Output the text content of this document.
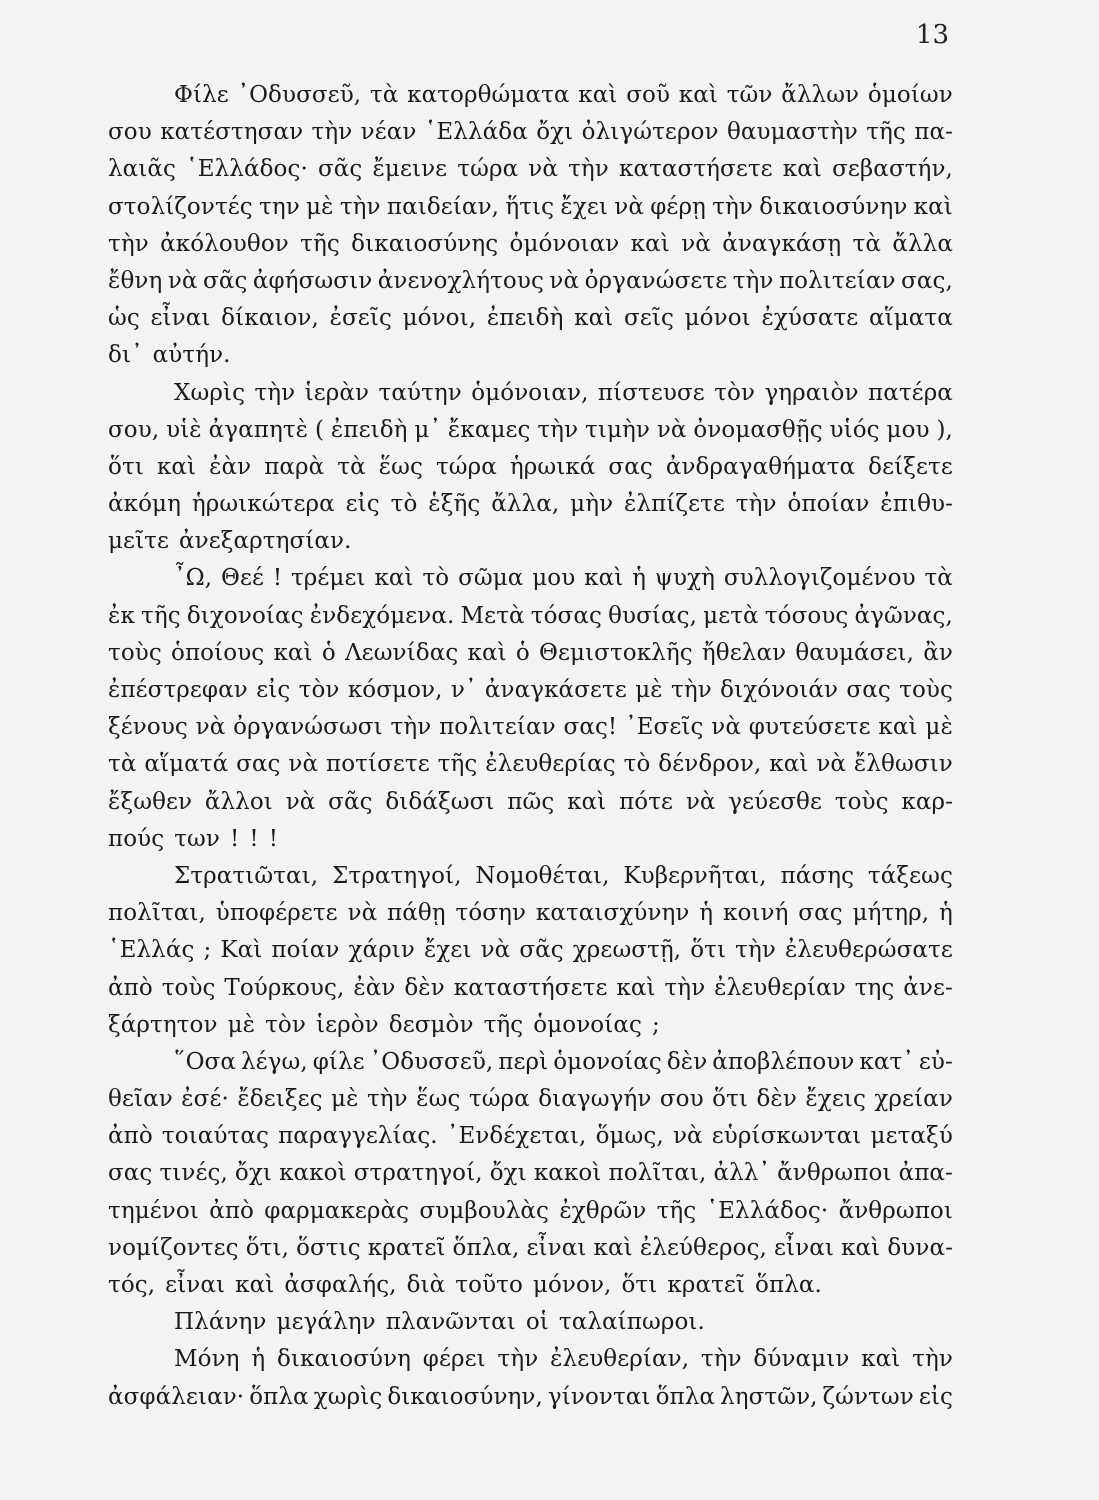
13
Φίλε ᾿Οδυσσεῦ, τὰ κατορθώματα καὶ σοῦ καὶ τῶν ἄλλων ὁμοίων
σου κατέστησαν τὴν νέαν ῾Ελλάδα ὄχι ὀλιγώτερον θαυμαστὴν τῆς πα-
λαιᾶς ῾Ελλάδος· σᾶς ἔμεινε τώρα νὰ τὴν καταστήσετε καὶ σεβαστήν,
στολίζοντές την μὲ τὴν παιδείαν, ἥτις ἔχει νὰ φέρῃ τὴν δικαιοσύνην καὶ
τὴν ἀκόλουθον τῆς δικαιοσύνης ὁμόνοιαν καὶ νὰ ἀναγκάσῃ τὰ ἄλλα
ἔθνη νὰ σᾶς ἀφήσωσιν ἀνενοχλήτους νὰ ὀργανώσετε τὴν πολιτείαν σας,
ὡς εἶναι δίκαιον, ἐσεῖς μόνοι, ἐπειδὴ καὶ σεῖς μόνοι ἐχύσατε αἵματα
δι᾿ αὐτήν.
Χωρὶς τὴν ἱερὰν ταύτην ὁμόνοιαν, πίστευσε τὸν γηραιὸν πατέρα
σου, υἱὲ ἀγαπητὲ ( ἐπειδὴ μ᾿ ἔκαμες τὴν τιμὴν νὰ ὀνομασθῇς υἱός μου ),
ὅτι καὶ ἐὰν παρὰ τὰ ἕως τώρα ἡρωικά σας ἀνδραγαθήματα δείξετε
ἀκόμη ἡρωικώτερα εἰς τὸ ἑξῆς ἄλλα, μὴν ἐλπίζετε τὴν ὁποίαν ἐπιθυ-
μεῖτε ἀνεξαρτησίαν.
῏Ω, Θεέ ! τρέμει καὶ τὸ σῶμα μου καὶ ἡ ψυχὴ συλλογιζομένου τὰ
ἐκ τῆς διχονοίας ἐνδεχόμενα. Μετὰ τόσας θυσίας, μετὰ τόσους ἀγῶνας,
τοὺς ὁποίους καὶ ὁ Λεωνίδας καὶ ὁ Θεμιστοκλῆς ἤθελαν θαυμάσει, ἂν
ἐπέστρεφαν εἰς τὸν κόσμον, ν᾿ ἀναγκάσετε μὲ τὴν διχόνοιάν σας τοὺς
ξένους νὰ ὀργανώσωσι τὴν πολιτείαν σας! ᾿Εσεῖς νὰ φυτεύσετε καὶ μὲ
τὰ αἵματά σας νὰ ποτίσετε τῆς ἐλευθερίας τὸ δένδρον, καὶ νὰ ἔλθωσιν
ἔξωθεν ἄλλοι νὰ σᾶς διδάξωσι πῶς καὶ πότε νὰ γεύεσθε τοὺς καρ-
πούς των ! ! !
Στρατιῶται, Στρατηγοί, Νομοθέται, Κυβερνῆται, πάσης τάξεως
πολῖται, ὑποφέρετε νὰ πάθῃ τόσην καταισχύνην ἡ κοινή σας μήτηρ, ἡ
῾Ελλάς ; Καὶ ποίαν χάριν ἔχει νὰ σᾶς χρεωστῇ, ὅτι τὴν ἐλευθερώσατε
ἀπὸ τοὺς Τούρκους, ἐὰν δὲν καταστήσετε καὶ τὴν ἐλευθερίαν της ἀνε-
ξάρτητον μὲ τὸν ἱερὸν δεσμὸν τῆς ὁμονοίας ;
῞Οσα λέγω, φίλε ᾿Οδυσσεῦ, περὶ ὁμονοίας δὲν ἀποβλέπουν κατ᾿ εὐ-
θεῖαν ἐσέ· ἔδειξες μὲ τὴν ἕως τώρα διαγωγήν σου ὅτι δὲν ἔχεις χρείαν
ἀπὸ τοιαύτας παραγγελίας. ᾿Ενδέχεται, ὅμως, νὰ εὑρίσκωνται μεταξύ
σας τινές, ὄχι κακοὶ στρατηγοί, ὄχι κακοὶ πολῖται, ἀλλ᾿ ἄνθρωποι ἀπα-
τημένοι ἀπὸ φαρμακερὰς συμβουλὰς ἐχθρῶν τῆς ῾Ελλάδος· ἄνθρωποι
νομίζοντες ὅτι, ὅστις κρατεῖ ὅπλα, εἶναι καὶ ἐλεύθερος, εἶναι καὶ δυνα-
τός, εἶναι καὶ ἀσφαλής, διὰ τοῦτο μόνον, ὅτι κρατεῖ ὅπλα.
Πλάνην μεγάλην πλανῶνται οἱ ταλαίπωροι.
Μόνη ἡ δικαιοσύνη φέρει τὴν ἐλευθερίαν, τὴν δύναμιν καὶ τὴν
ἀσφάλειαν· ὅπλα χωρὶς δικαιοσύνην, γίνονται ὅπλα ληστῶν, ζώντων εἰς
